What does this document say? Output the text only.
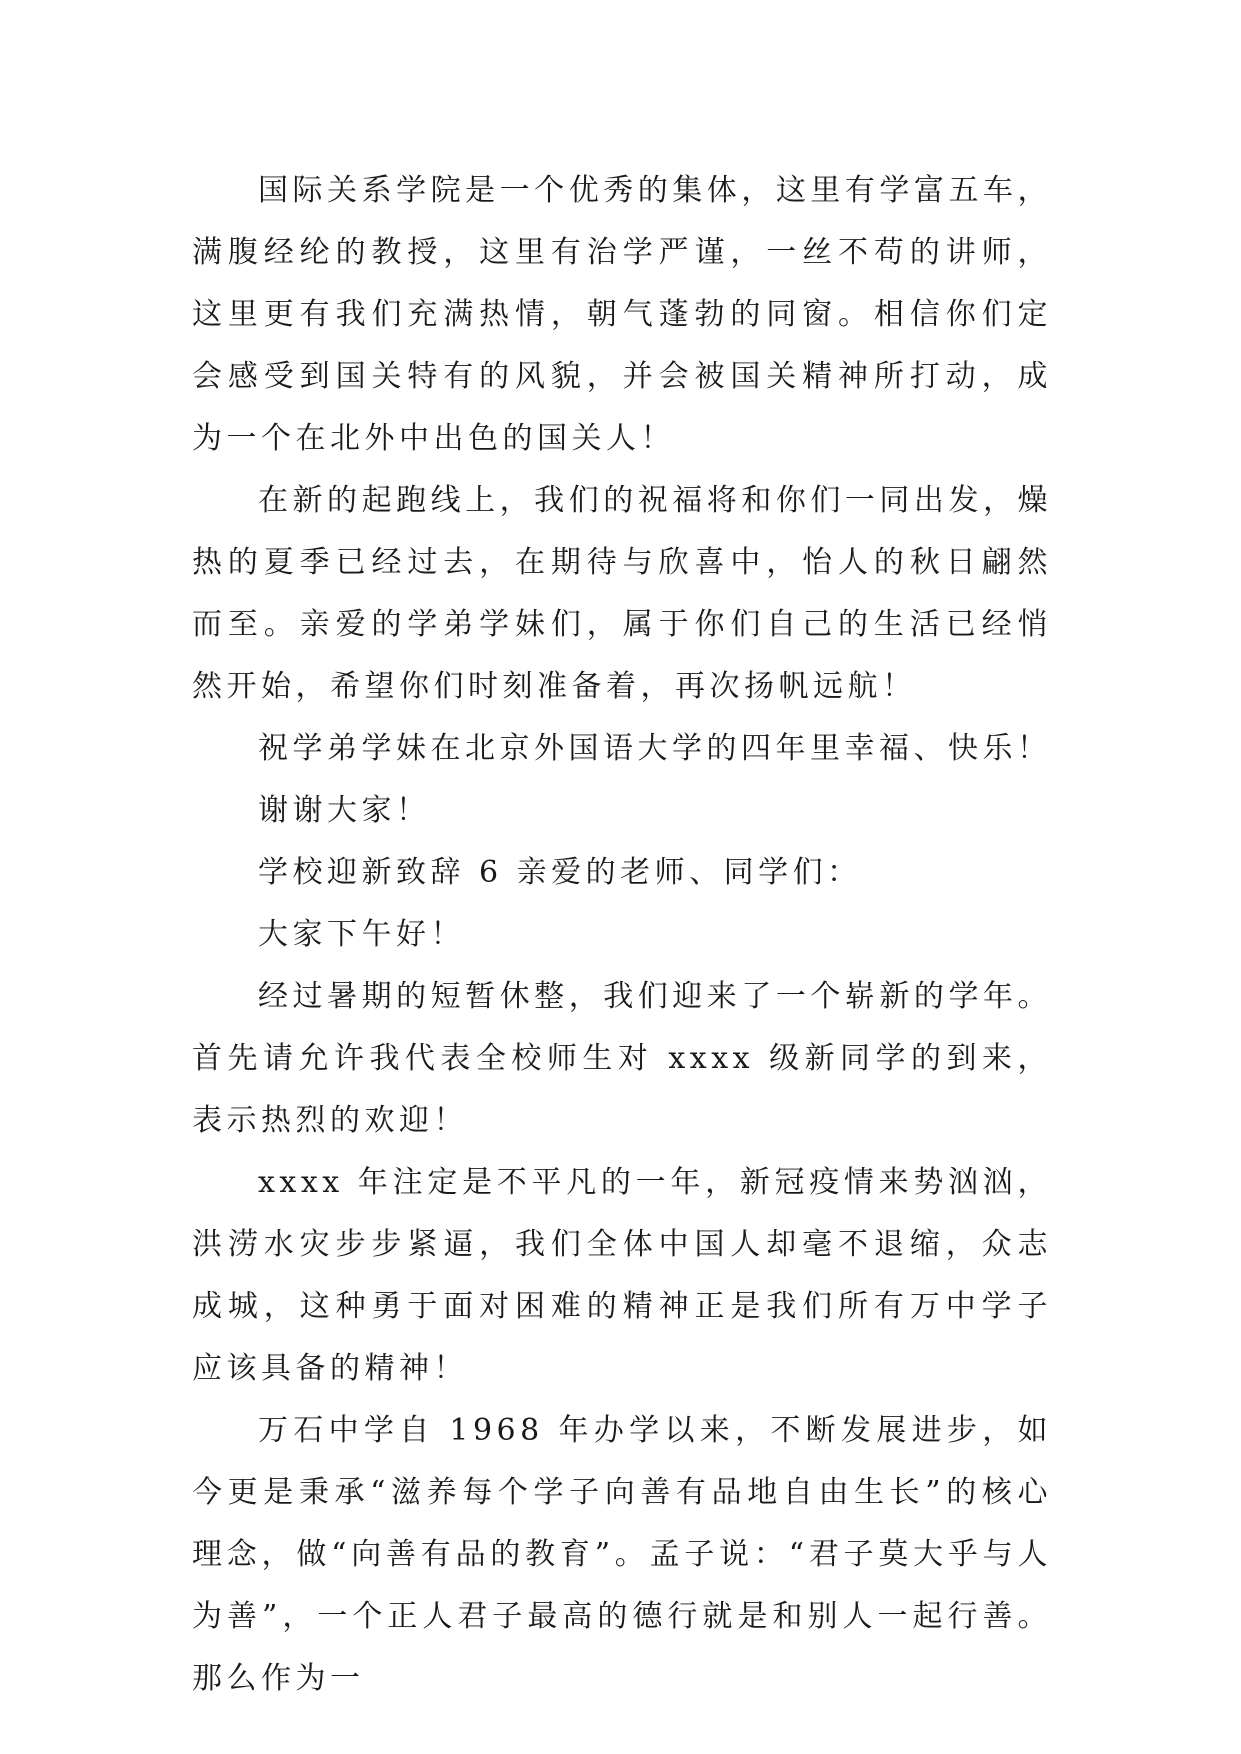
国际关系学院是一个优秀的集体，这里有学富五车，满腹经纶的教授，这里有治学严谨，一丝不苟的讲师，这里更有我们充满热情，朝气蓬勃的同窗。相信你们定会感受到国关特有的风貌，并会被国关精神所打动，成为一个在北外中出色的国关人！

在新的起跑线上，我们的祝福将和你们一同出发，燥热的夏季已经过去，在期待与欣喜中，怡人的秋日翩然而至。亲爱的学弟学妹们，属于你们自己的生活已经悄然开始，希望你们时刻准备着，再次扬帆远航！

祝学弟学妹在北京外国语大学的四年里幸福、快乐！

谢谢大家！

学校迎新致辞 6 亲爱的老师、同学们：

大家下午好！

经过暑期的短暂休整，我们迎来了一个崭新的学年。首先请允许我代表全校师生对 xxxx 级新同学的到来，表示热烈的欢迎！

xxxx 年注定是不平凡的一年，新冠疫情来势汹汹，洪涝水灾步步紧逼，我们全体中国人却毫不退缩，众志成城，这种勇于面对困难的精神正是我们所有万中学子应该具备的精神！

万石中学自 1968 年办学以来，不断发展进步，如今更是秉承“滋养每个学子向善有品地自由生长”的核心理念，做“向善有品的教育”。孟子说：“君子莫大乎与人为善”，一个正人君子最高的德行就是和别人一起行善。那么作为一
